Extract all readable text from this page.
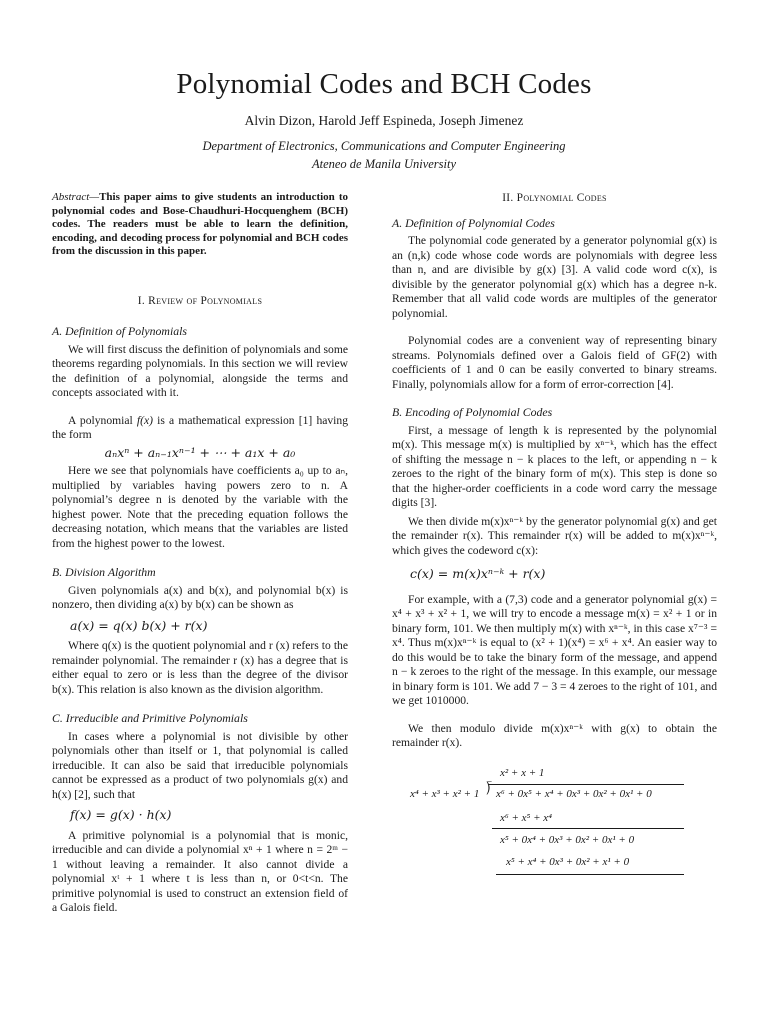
Polynomial Codes and BCH Codes
Alvin Dizon, Harold Jeff Espineda, Joseph Jimenez
Department of Electronics, Communications and Computer Engineering
Ateneo de Manila University

Abstract—This paper aims to give students an introduction to polynomial codes and Bose-Chaudhuri-Hocquenghem (BCH) codes. The readers must be able to learn the definition, encoding, and decoding process for polynomial and BCH codes from the discussion in this paper.

I. Review of Polynomials

A. Definition of Polynomials

We will first discuss the definition of polynomials and some theorems regarding polynomials. In this section we will review the definition of a polynomial, alongside the terms and concepts associated with it.

A polynomial f(x) is a mathematical expression [1] having the form

aₙxⁿ + aₙ₋₁xⁿ⁻¹ + ⋯ + a₁x + a₀

Here we see that polynomials have coefficients a₀ up to aₙ, multiplied by variables having powers zero to n. A polynomial’s degree n is denoted by the variable with the highest power. Note that the preceding equation follows the decreasing notation, which means that the variables are listed from the highest power to the lowest.

B. Division Algorithm

Given polynomials a(x) and b(x), and polynomial b(x) is nonzero, then dividing a(x) by b(x) can be shown as

a(x) = q(x) b(x) + r(x)

Where q(x) is the quotient polynomial and r (x) refers to the remainder polynomial. The remainder r (x) has a degree that is either equal to zero or is less than the degree of the divisor b(x). This relation is also known as the division algorithm.

C. Irreducible and Primitive Polynomials

In cases where a polynomial is not divisible by other polynomials other than itself or 1, that polynomial is called irreducible. It can also be said that irreducible polynomials cannot be expressed as a product of two polynomials g(x) and h(x) [2], such that

f(x) = g(x) · h(x)

A primitive polynomial is a polynomial that is monic, irreducible and can divide a polynomial xⁿ + 1 where n = 2ᵐ − 1 without leaving a remainder. It also cannot divide a polynomial xᵗ + 1 where t is less than n, or 0<t<n. The primitive polynomial is used to construct an extension field of a Galois field.

II. Polynomial Codes

A. Definition of Polynomial Codes

The polynomial code generated by a generator polynomial g(x) is an (n,k) code whose code words are polynomials with degree less than n, and are divisible by g(x) [3]. A valid code word c(x), is divisible by the generator polynomial g(x) which has a degree n-k. Remember that all valid code words are multiples of the generator polynomial.

Polynomial codes are a convenient way of representing binary streams. Polynomials defined over a Galois field of GF(2) with coefficients of 1 and 0 can be easily converted to binary streams. Finally, polynomials allow for a form of error-correction [4].

B. Encoding of Polynomial Codes

First, a message of length k is represented by the polynomial m(x). This message m(x) is multiplied by xⁿ⁻ᵏ, which has the effect of shifting the message n − k places to the left, or appending n − k zeroes to the right of the binary form of m(x). This step is done so that the higher-order coefficients in a code word carry the message digits [3].

We then divide m(x)xⁿ⁻ᵏ by the generator polynomial g(x) and get the remainder r(x). This remainder r(x) will be added to m(x)xⁿ⁻ᵏ, which gives the codeword c(x):

c(x) = m(x)xⁿ⁻ᵏ + r(x)

For example, with a (7,3) code and a generator polynomial g(x) = x⁴ + x³ + x² + 1, we will try to encode a message m(x) = x² + 1 or in binary form, 101. We then multiply m(x) with xⁿ⁻ᵏ, in this case x⁷⁻³ = x⁴. Thus m(x)xⁿ⁻ᵏ is equal to (x² + 1)(x⁴) = x⁶ + x⁴. An easier way to do this would be to take the binary form of the message, and append n − k zeroes to the right of the message. In this example, our message in binary form is 101. We add 7 − 3 = 4 zeroes to the right of 101, and we get 1010000.

We then modulo divide m(x)xⁿ⁻ᵏ with g(x) to obtain the remainder r(x).

x² + x + 1
x⁴ + x³ + x² + 1 ⟌ x⁶ + 0x⁵ + x⁴ + 0x³ + 0x² + 0x¹ + 0
x⁶ + x⁵ + x⁴
x⁵ + 0x⁴ + 0x³ + 0x² + 0x¹ + 0
x⁵ + x⁴ + 0x³ + 0x² + x¹ + 0
